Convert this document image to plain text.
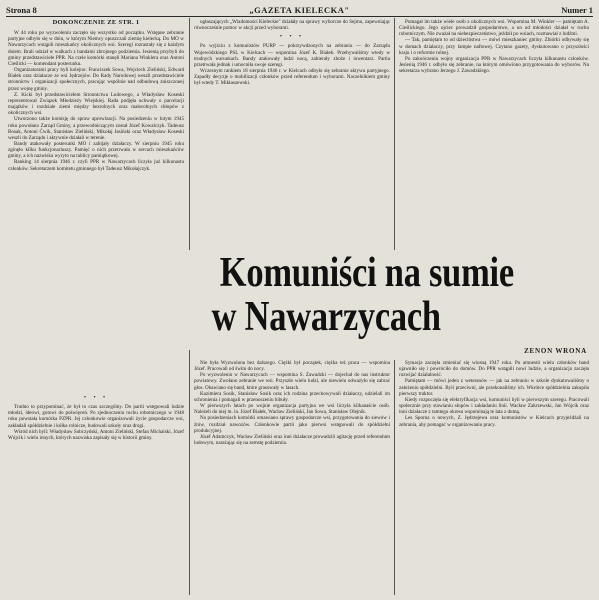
Strona 8	„GAZETA KIELECKA"	Numer 1
DOKOŃCZENIE ZE STR. 1

W 44 roku po wyzwoleniu zaczęło się wszystko od początku. Wstępne zebranie partyjne odbyło się w dniu, w którym Niemcy opuszczali ziemię kielecką. Do MO w Nawarzycach wstąpili mieszkańcy okolicznych wsi. Szeregi rozrastały się z każdym dniem. Brali udział w walkach z bandami zbrojnego podziemia. Jesienią przybyli do gminy przedstawiciele PPR. Na czele komórki stanęli Mariana Winklera oraz Antoni Cieślicki — komendant posterunku.

Organizatorami pracy byli kolejno: Franciszek Sowa, Wojciech Zieliński, Edward Białek oraz działacze ze wsi Jędrzejów. Do Rady Narodowej weszli przedstawiciele stronnictw i organizacji społecznych, pracując wspólnie nad odbudową zniszczonej przez wojnę gminy.

Z. Kicki był przedstawicielem Stronnictwa Ludowego, a Władysław Koseski reprezentował Związek Młodzieży Wiejskiej. Rada podjęła uchwały o parcelacji majątków i rozdziale ziemi między bezrolnych oraz małorolnych chłopów z okolicznych wsi.

Utworzono także komisję do spraw aprowizacji. Na posiedzeniu w lutym 1945 roku powołano Zarząd Gminy, a przewodniczącym został Józef Kowalczyk. Tadeusz Bosak, Antoni Ćwik, Stanisław Zieliński, Mikołaj Jasiński oraz Władysław Koseski weszli do Zarządu i aktywnie działali w terenie.

Bandy atakowały posterunki MO i zabijały działaczy. W sierpniu 1945 roku zginęło kilku funkcjonariuszy. Pamięć o nich przetrwała w sercach mieszkańców gminy, a ich nazwiska wyryto na tablicy pamiątkowej.

Ranking 14 sierpnia 1946 r. czyli PPR w Nawarzycach liczyła już kilkunastu członków. Sekretarzem komitetu gminnego był Tadeusz Mikołajczyk.

• • •

Trudno to przypominać, że był to czas szczególny. Do partii wstępowali ludzie młodzi, ideowi, gotowi do poświęceń. Po zjednoczeniu ruchu robotniczego w 1948 roku powstała komórka PZPR. Jej członkowie organizowali życie gospodarcze wsi, zakładali spółdzielnie i kółka rolnicze, budowali szkoły oraz drogi.

Wśród nich byli: Władysław Sobczyński, Antoni Zieliński, Stefan Michalski, Józef Wójcik i wielu innych, których nazwiska zapisały się w historii gminy.

ogłaszających „Wiadomości Kieleckie" działały na sprawy wyborcze do Sejmu, zapewniając równocześnie pomoc w akcji przed wyborami.

• • •

Po wyjściu z komunistów PURP — pokrzywdzonych na zebraniu — do Zarządu Wojewódzkiego PSL w Kielcach — wspomina Józef K. Białek. Przebywaliśmy wtedy w trudnych warunkach. Bandy atakowały ludzi nocą, zabierały zboże i inwentarz. Partia przetrwała jednak i umocniła swoje szeregi.

Wczesnym rankiem 18 sierpnia 1946 r. w Kielcach odbyło się zebranie aktywu partyjnego. Zapadły decyzje o mobilizacji członków przed referendum i wyborami. Naczelnikiem gminy był wtedy T. Mikłaszewski.

Pomagał im także wiele osób z okolicznych wsi. Wspomina M. Winkler — pamiętam A. Cieślickiego. Jego ojciec prowadził gospodarstwo, a on od młodości działał w ruchu robotniczym. Nie zważał na niebezpieczeństwo, jeździł po wsiach, rozmawiał z ludźmi.

— Tak, pamiętam to od dzieciństwa — mówi mieszkaniec gminy. Zbiórki odbywały się w domach działaczy, przy lampie naftowej. Czytano gazety, dyskutowano o przyszłości kraju i o reformie rolnej.

Po zakończeniu wojny organizacja PPR w Nawarzycach liczyła kilkunastu członków. Jesienią 1946 r. odbyło się zebranie, na którym omówiono przygotowania do wyborów. Na sekretarza wybrano Jerzego J. Zawadzkiego.

Komuniści na sumie
w Nawarzycach
ZENON WRONA

Nie była Wyzwolona bez dalszego. Ciężki był początek, ciężka też praca — wspomina Józef. Pracowali od świtu do nocy.

Po wyzwoleniu w Nawarzycach — wspomina S. Zawadzki — dojechał do nas instruktor powiatowy. Zwołano zebranie we wsi. Przyszło wielu ludzi, ale niewielu odważyło się zabrać głos. Obawiano się band, które grasowały w lasach.

Kazimiera Sosik, Stanisław Sosik oraz ich rodzina przechowywali działaczy, udzielali im schronienia i pomagali w przenoszeniu bibuły.

W pierwszych latach po wojnie organizacja partyjna we wsi liczyła kilkanaście osób. Należeli do niej m. in. Józef Białek, Wacław Zieliński, Jan Sowa, Stanisław Olejnik.

Na posiedzeniach komórki omawiano sprawy gospodarcze wsi, przygotowania do siewów i żniw, rozdział nawozów. Członkowie partii jako pierwsi wstępowali do spółdzielni produkcyjnej.

Józef Adamczyk, Wacław Zieliński oraz inni działacze prowadzili agitację przed referendum ludowym, narażając się na zemstę podziemia.

Sytuacja zaczęła zmieniać się wiosną 1947 roku. Po amnestii wielu członków band ujawniło się i powróciło do domów. Do PPR wstąpili nowi ludzie, a organizacja zaczęła rozwijać działalność.

Pamiętam — mówi jeden z weteranów — jak na zebraniu w szkole dyskutowaliśmy o założeniu spółdzielni. Byli przeciwni, ale przekonaliśmy ich. Wkrótce spółdzielnia zakupiła pierwszy traktor.

Kiedy rozpoczęła się elektryfikacja wsi, komuniści byli w pierwszym szeregu. Pracowali społecznie przy stawianiu słupów i zakładaniu linii. Wacław Zakrzewski, Jan Wójcik oraz inni działacze z tamtego okresu wspominają te lata z dumą.

Les Sporna o nowych, Z. Jędrzejewa oraz komunistów w Kielcach przyjeżdżali na zebrania, aby pomagać w organizowaniu pracy.
